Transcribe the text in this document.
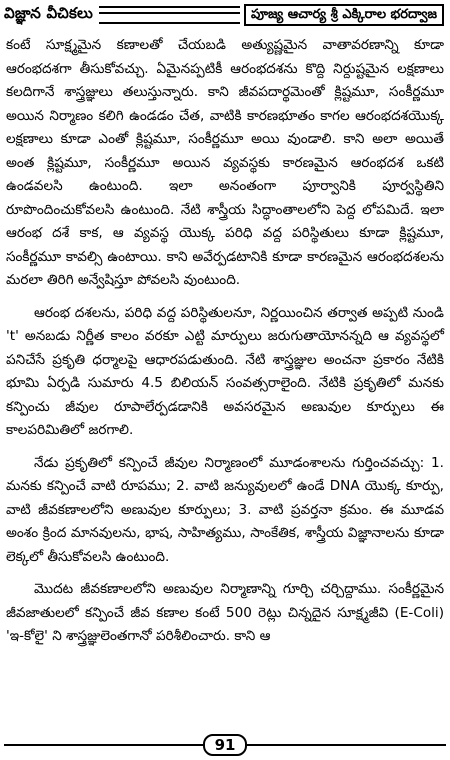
విజ్ఞాన వీచికలు	పూజ్య ఆచార్య శ్రీ ఎక్కిరాల భరద్వాజ

కంటే సూక్ష్మమైన కణాలతో చేయబడి అత్యుష్ణమైన వాతావరణాన్ని కూడా ఆరంభదశగా తీసుకోవచ్చు. ఏమైనప్పటికీ ఆరంభదశను కొద్ది నిర్దుష్టమైన లక్షణాలు కలదిగానే శాస్త్రజ్ఞులు తలుస్తున్నారు. కాని జీవపదార్థమెంతో క్లిష్టమూ, సంకీర్ణమూ అయిన నిర్మాణం కలిగి ఉండడం చేత, వాటికి కారణభూతం కాగల ఆరంభదశయొక్క లక్షణాలు కూడా ఎంతో క్లిష్టమూ, సంకీర్ణమూ అయి వుండాలి. కాని అలా అయితే అంత క్లిష్టమూ, సంకీర్ణమూ అయిన వ్యవస్థకు కారణమైన ఆరంభదశ ఒకటి ఉండవలసి ఉంటుంది. ఇలా అనంతంగా పూర్వానికి పూర్వస్థితిని రూపొందించుకోవలసి ఉంటుంది. నేటి శాస్త్రీయ సిద్ధాంతాలలోని పెద్ద లోపమిదే. ఇలా ఆరంభ దశే కాక, ఆ వ్యవస్థ యొక్క పరిధి వద్ద పరిస్థితులు కూడా క్లిష్టమూ, సంకీర్ణమూ కావల్సి ఉంటాయి. కాని అవేర్పడటానికి కూడా కారణమైన ఆరంభదశలను మరలా తిరిగి అన్వేషిస్తూ పోవలసి వుంటుంది.

ఆరంభ దశలను, పరిధి వద్ద పరిస్థితులనూ, నిర్ణయించిన తర్వాత అప్పటి నుండి 't' అనబడు నిర్ణీత కాలం వరకూ ఎట్టి మార్పులు జరుగుతాయోనన్నది ఆ వ్యవస్థలో పనిచేసే ప్రకృతి ధర్మాలపై ఆధారపడుతుంది. నేటి శాస్త్రజ్ఞుల అంచనా ప్రకారం నేటికి భూమి ఏర్పడి సుమారు 4.5 బిలియన్ సంవత్సరాలైంది. నేటికి ప్రకృతిలో మనకు కన్పించు జీవుల రూపాలేర్పడడానికి అవసరమైన అణువుల కూర్పులు ఈ కాలపరిమితిలో జరగాలి.

నేడు ప్రకృతిలో కన్పించే జీవుల నిర్మాణంలో మూడంశాలను గుర్తించవచ్చు: 1. మనకు కన్పించే వాటి రూపము; 2. వాటి జన్యువులలో ఉండే DNA యొక్క కూర్పు, వాటి జీవకణాలలోని అణువుల కూర్పులు; 3. వాటి ప్రవర్తనా క్రమం. ఈ మూడవ అంశం క్రింద మానవులను, భాష, సాహిత్యము, సాంకేతిక, శాస్త్రీయ విజ్ఞానాలను కూడా లెక్కలో తీసుకోవలసి ఉంటుంది.

మొదట జీవకణాలలోని అణువుల నిర్మాణాన్ని గూర్చి చర్చిద్దాము. సంకీర్ణమైన జీవజాతులలో కన్పించే జీవ కణాల కంటే 500 రెట్లు చిన్నదైన సూక్ష్మజీవి (E-Coli) 'ఇ-కోలై' ని శాస్త్రజ్ఞులెంతగానో పరిశీలించారు. కాని ఆ

91
